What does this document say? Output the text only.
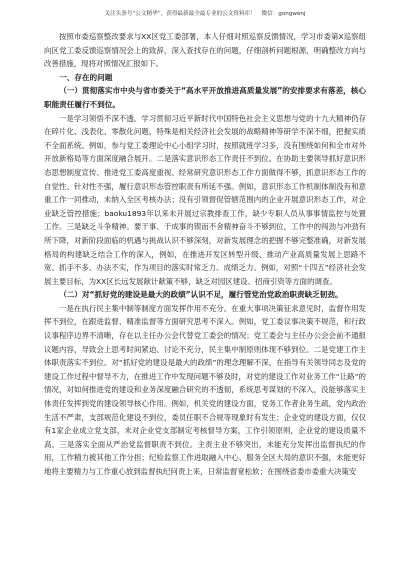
关注头条号“公文精华”，获得最新最全最专业的公文资料库！ 微信：gongwenj

按照市委巡察整改要求与XX区党工委部署，本人仔细对照巡察反馈情况，学习市委第X巡察组向区党工委反馈巡察情况会上的致辞，深入查找存在的问题，仔细剖析问题根源，明确整改方向与改善措施，现将对照情况汇报如下。

一、存在的问题
（一）贯彻落实市中央与省市委关于“高水平开放推进高质量发展”的安排要求有落差，核心职能责任履行不到位。

一是学习领悟不深不透。学习贯彻习近平新时代中国特色社会主义思想与党的十九大精神仍存在碎片化、浅表化、零散化问题，特殊是相关经济社会发展的战略精神等研学不深不细，把握实质不全面系统。例如，参与党工委理论中心小组学习时，按照就班学习多，没有围绕如何和全市对外开放新格局等方面深度融合展开。二是落实意识形态工作责任不到位。在协助主要领导抓好意识形态思想制度宣传、推进党工委高度重视、经常研究意识形态工作方面做得不够，抓意识形态工作的自觉性、针对性不强，履行意识形态管控职责有所延不强。例如，意识形态工作机制体制没有和意重工作一同推动，未纳入全区考核办法；没有引领督促管辖范围内的企业开展意识形态工作，对企业缺乏管控措施；baoku1893年以来未开展过宗教排查工作，缺少专职人员从事事情监控与处置工作。三是缺乏斗争精神。要干事、干成事的锲而不舍精神奋斗不够到位，工作中的闯劲与冲劲有所下降，对新阶段面临的机遇与挑战认识不够深刻，对新发展理念的把握不够完整准确，对新发展格局的构建缺乏结合工作的深入，例如，在推进开发区转型升级、推动产业高质量发展上思路不宽、抓手不多、办法不实，作为项目的落实时常乏力。成绩乏力。例如，对照“十四五”经济社会发展主要目标，为XX区长远发展献计献策不够，缺乏对园区建设、招商引资等方面的调查。

（二）对“抓好党的建设是最大的政绩”认识不足，履行管党治党政治职责缺乏韧劲。

一是在执行民主集中制等制度方面发挥作用不充分。在重大事项决策征求意见时，监督作用发挥不到位，在跟进监督、精准监督等方面研究思考不深入。例如，党工委议事决策不规范，和行政议事程序边界不清晰，存在以主任办公会代替党工委会的情况；党工委会与主任办公会会前不通报议题内容，导致会上思考时间紧迫、讨论不充分，民主集中制原则体现不够到位。二是党建工作主体职责落实不到位。对“抓好党的建设是最大的政绩”的理念理解不深，在指导有关领导同志及党的建设工作过程中督导不力，在推进工作中发现问题不够及时，对党的建设工作对业务工作“让路”的情况，对如何推进党的建设和业务深度融合研究的不透彻，系统思考谋划的不深入，没能够落实主体责任发挥到党的建设领导核心作用。例如，机关党的建设方面，党务工作者业务生疏，党内政治生活不严肃，支部规范化建设不到位，委员任职不合规等现象时有发生；企业党的建设方面，仅仅有1家企业成立党支部，未对企业党支部制定考核督导方案，工作引领原则，企业党的建设质量不高。三是落实全面从严治党监督职责不到位。主责主业不够突出，未能充分发挥出监督执纪的作用，工作精力被其他工作分担；纪检监察工作进取融入中心、服务全区大局的意识不强，未能更好地将主要精力与工作重心放到监督执纪问责上来，日常监督宽松软；在围绕省委市委重大决策安
